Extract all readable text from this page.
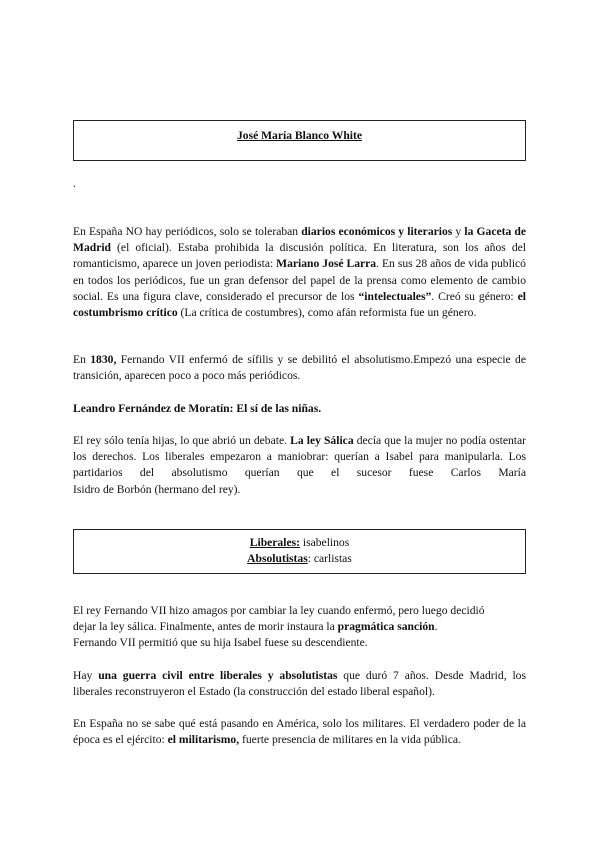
José María Blanco White
.

En España NO hay periódicos, solo se toleraban diarios económicos y literarios y la Gaceta de Madrid (el oficial). Estaba prohibida la discusión política. En literatura, son los años del romanticismo, aparece un joven periodista: Mariano José Larra. En sus 28 años de vida publicó en todos los periódicos, fue un gran defensor del papel de la prensa como elemento de cambio social. Es una figura clave, considerado el precursor de los “intelectuales”. Creó su género: el costumbrismo crítico (La crítica de costumbres), como afán reformista fue un género.

En 1830, Fernando VII enfermó de sífilis y se debilitó el absolutismo.Empezó una especie de transición, aparecen poco a poco más periódicos.

Leandro Fernández de Moratín: El sí de las niñas.

El rey sólo tenía hijas, lo que abrió un debate. La ley Sálica decía que la mujer no podía ostentar los derechos. Los liberales empezaron a maniobrar: querían a Isabel para manipularla. Los partidarios del absolutismo querían que el sucesor fuese Carlos María
Isidro de Borbón (hermano del rey).

Liberales: isabelinos
Absolutistas: carlistas

El rey Fernando VII hizo amagos por cambiar la ley cuando enfermó, pero luego decidió
dejar la ley sálica. Finalmente, antes de morir instaura la pragmática sanción.
Fernando VII permitió que su hija Isabel fuese su descendiente.

Hay una guerra civil entre liberales y absolutistas que duró 7 años. Desde Madrid, los liberales reconstruyeron el Estado (la construcción del estado liberal español).

En España no se sabe qué está pasando en América, solo los militares. El verdadero poder de la época es el ejército: el militarismo, fuerte presencia de militares en la vida pública.
